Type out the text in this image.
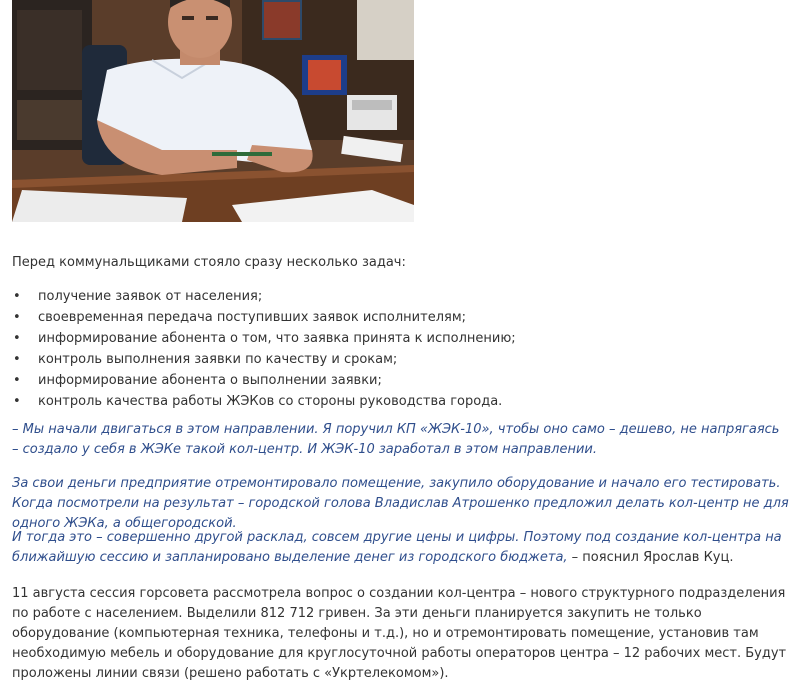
Перед коммунальщиками стояло сразу несколько задач:

• получение заявок от населения;
• своевременная передача поступивших заявок исполнителям;
• информирование абонента о том, что заявка принята к исполнению;
• контроль выполнения заявки по качеству и срокам;
• информирование абонента о выполнении заявки;
• контроль качества работы ЖЭКов со стороны руководства города.

– Мы начали двигаться в этом направлении. Я поручил КП «ЖЭК-10», чтобы оно само – дешево, не напрягаясь – создало у себя в ЖЭКе такой кол-центр. И ЖЭК-10 заработал в этом направлении.

За свои деньги предприятие отремонтировало помещение, закупило оборудование и начало его тестировать. Когда посмотрели на результат – городской голова Владислав Атрошенко предложил делать кол-центр не для одного ЖЭКа, а общегородской.

И тогда это – совершенно другой расклад, совсем другие цены и цифры. Поэтому под создание кол-центра на ближайшую сессию и запланировано выделение денег из городского бюджета, – пояснил Ярослав Куц.

11 августа сессия горсовета рассмотрела вопрос о создании кол-центра – нового структурного подразделения по работе с населением. Выделили 812 712 гривен. За эти деньги планируется закупить не только оборудование (компьютерная техника, телефоны и т.д.), но и отремонтировать помещение, установив там необходимую мебель и оборудование для круглосуточной работы операторов центра – 12 рабочих мест. Будут проложены линии связи (решено работать с «Укртелекомом»).
